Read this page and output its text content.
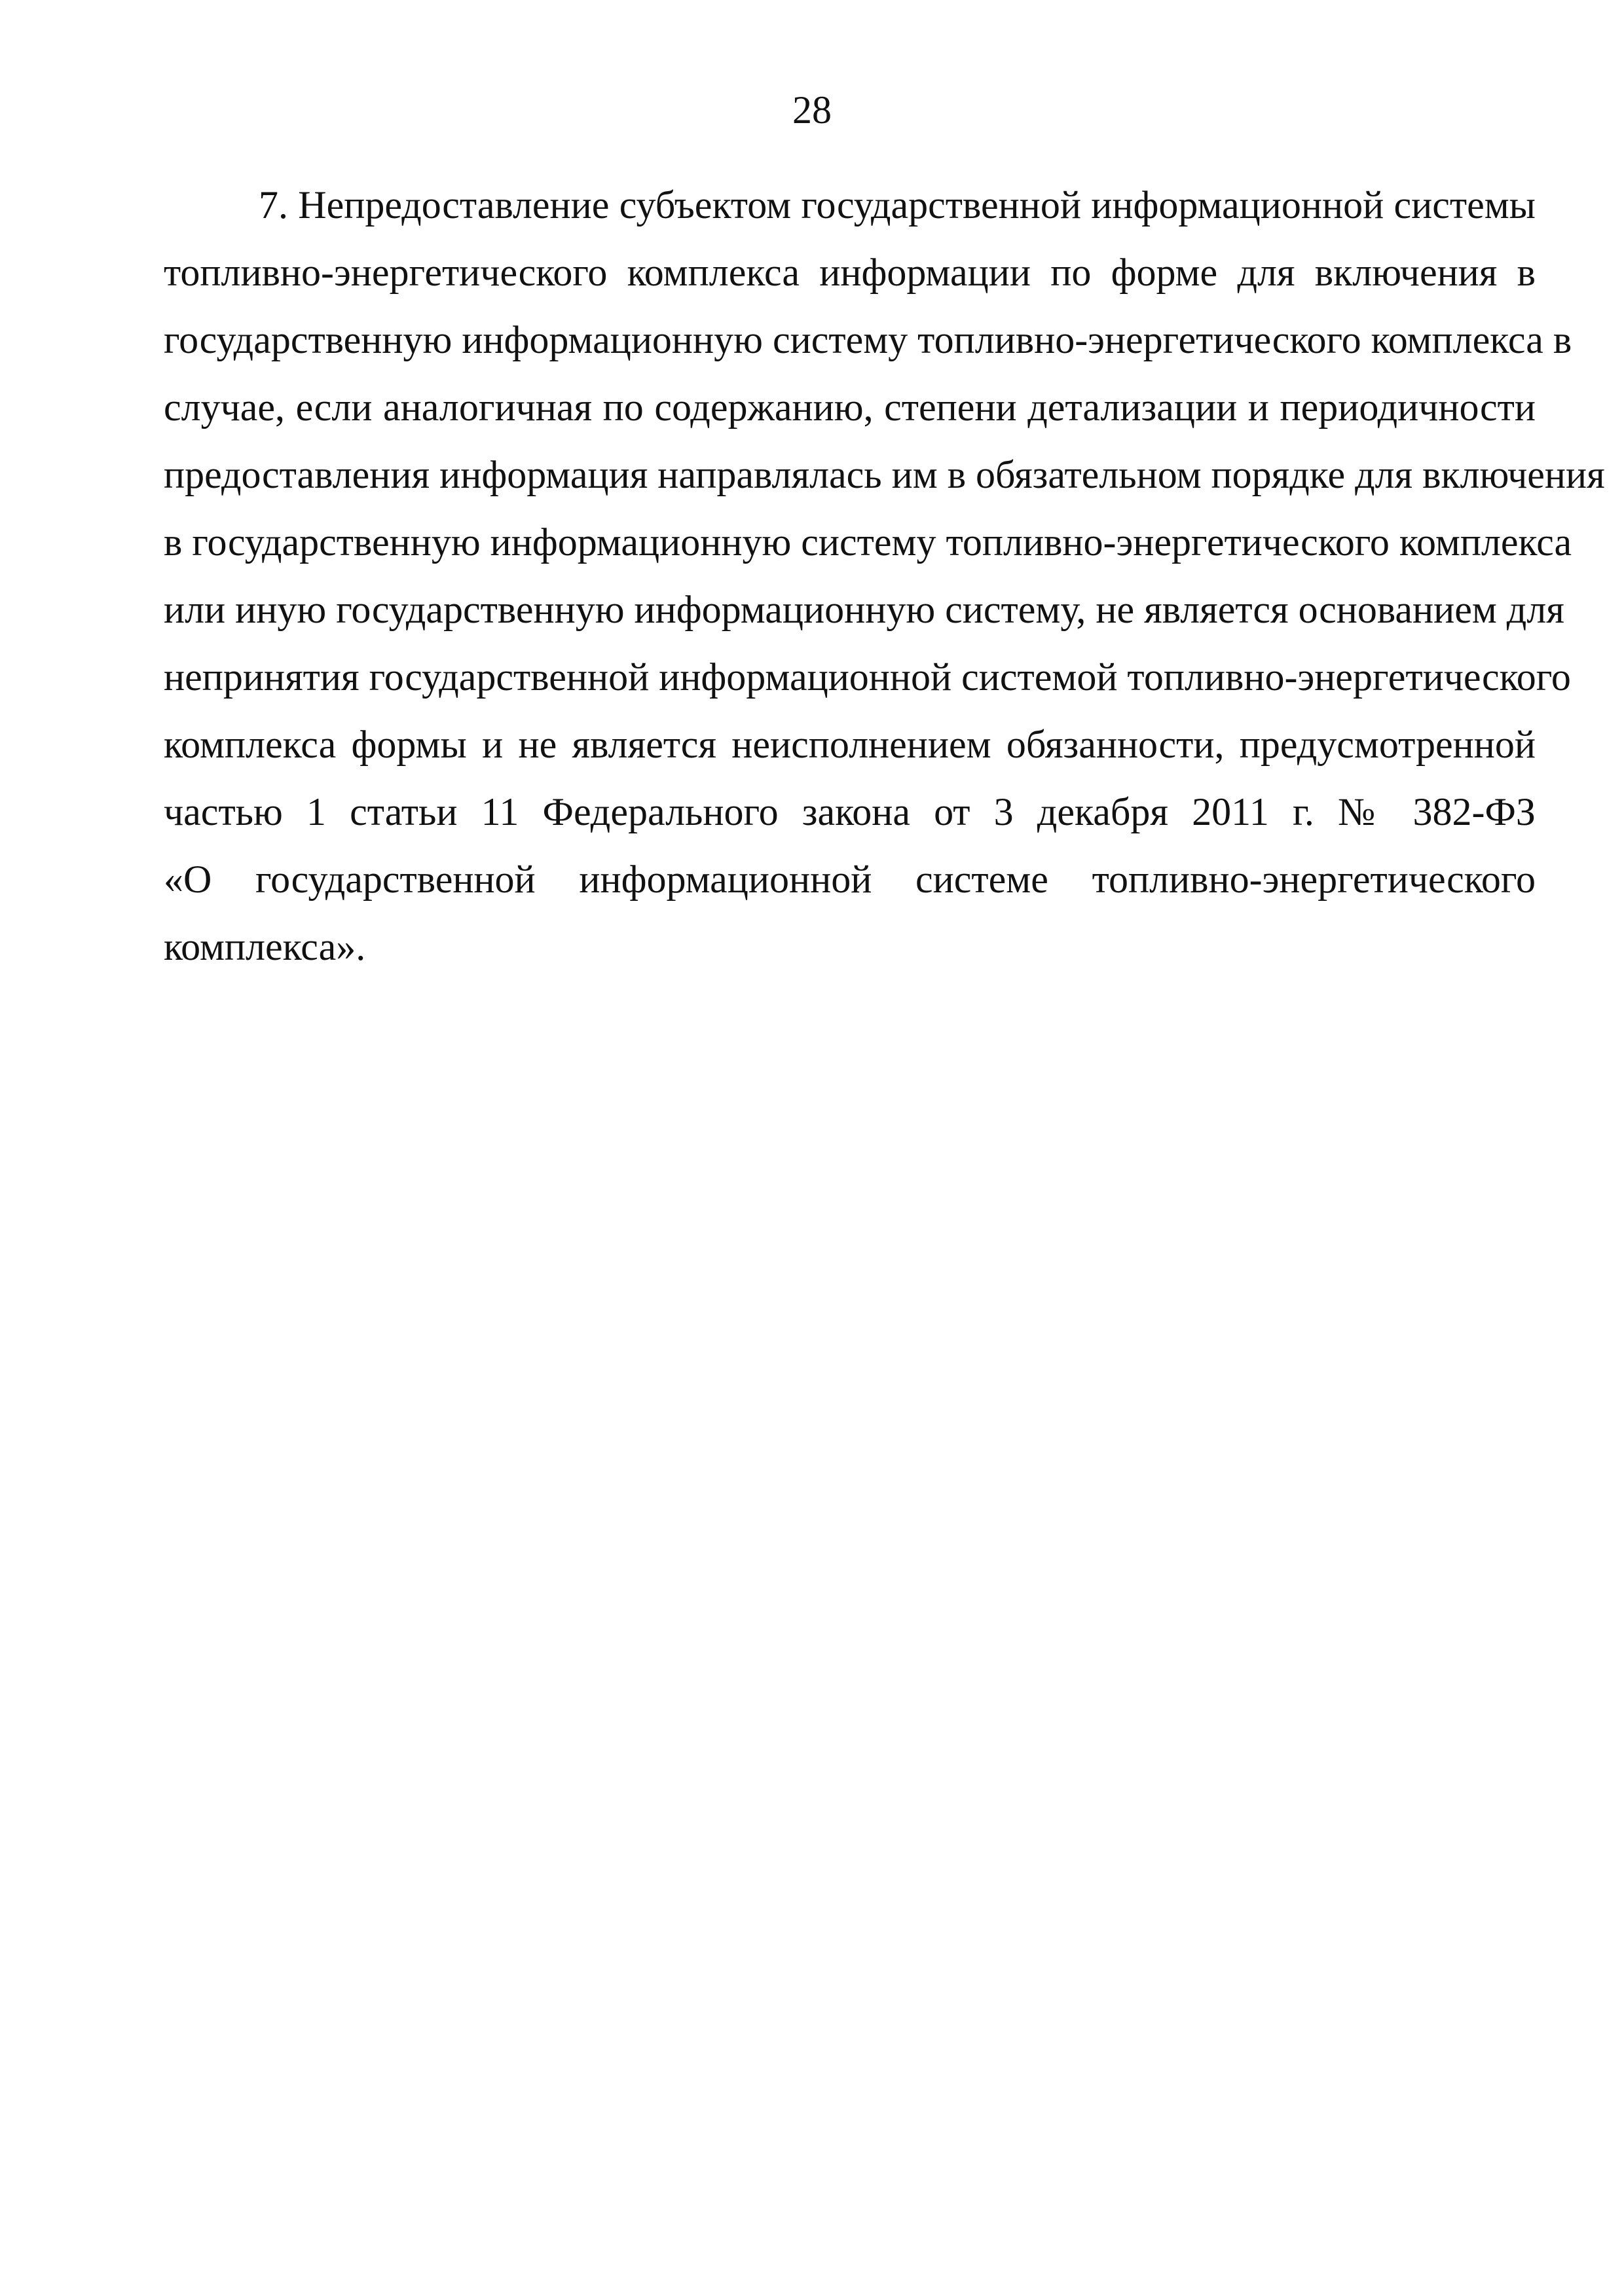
28
7. Непредоставление субъектом государственной информационной системы
топливно-энергетического комплекса информации по форме для включения в
государственную информационную систему топливно-энергетического комплекса в
случае, если аналогичная по содержанию, степени детализации и периодичности
предоставления информация направлялась им в обязательном порядке для включения
в государственную информационную систему топливно-энергетического комплекса
или иную государственную информационную систему, не является основанием для
непринятия государственной информационной системой топливно-энергетического
комплекса формы и не является неисполнением обязанности, предусмотренной
частью 1 статьи 11 Федерального закона от 3 декабря 2011 г. № 382-ФЗ
«О государственной информационной системе топливно-энергетического
комплекса».
